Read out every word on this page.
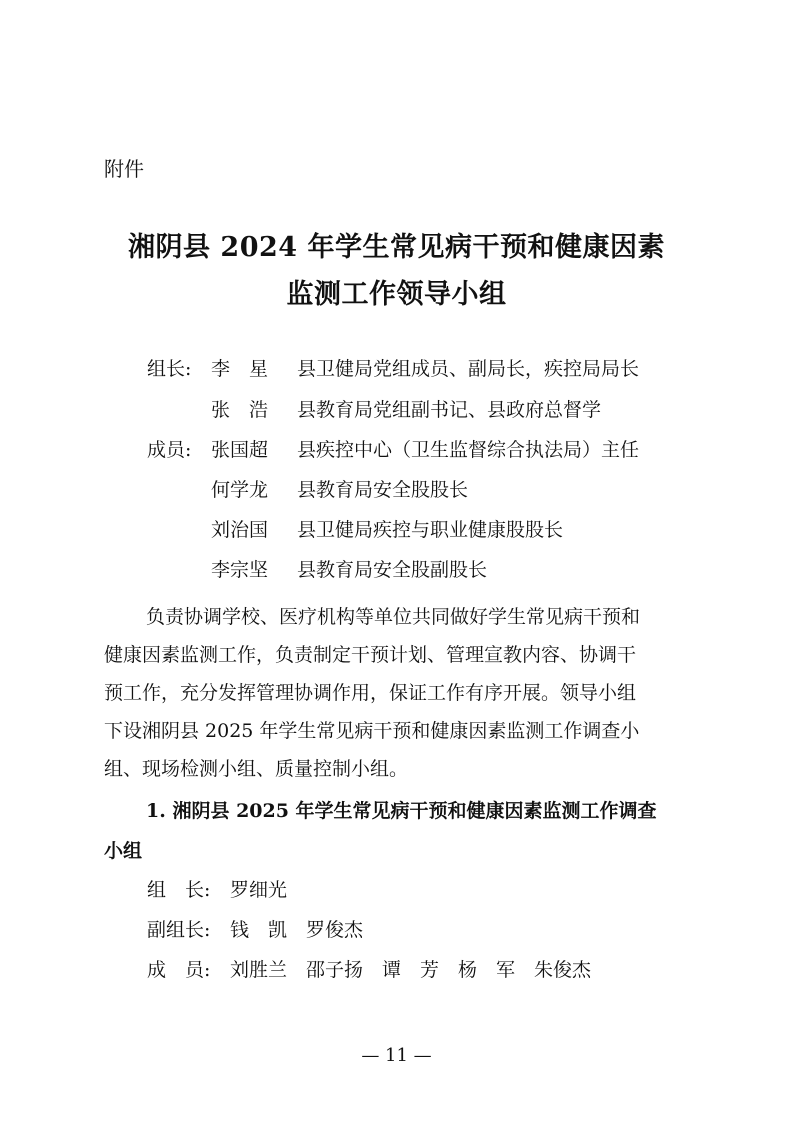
附件
湘阴县 2024 年学生常见病干预和健康因素
监测工作领导小组
组长: 李　星 县卫健局党组成员、副局长，疾控局局长
张　浩 县教育局党组副书记、县政府总督学
成员: 张国超 县疾控中心（卫生监督综合执法局）主任
何学龙 县教育局安全股股长
刘治国 县卫健局疾控与职业健康股股长
李宗坚 县教育局安全股副股长
负责协调学校、医疗机构等单位共同做好学生常见病干预和
健康因素监测工作，负责制定干预计划、管理宣教内容、协调干
预工作，充分发挥管理协调作用，保证工作有序开展。领导小组
下设湘阴县 2025 年学生常见病干预和健康因素监测工作调查小
组、现场检测小组、质量控制小组。
1. 湘阴县 2025 年学生常见病干预和健康因素监测工作调查
小组
组　长: 罗细光
副组长: 钱　凯　罗俊杰
成　员: 刘胜兰　邵子扬　谭　芳　杨　军　朱俊杰
— 11 —
